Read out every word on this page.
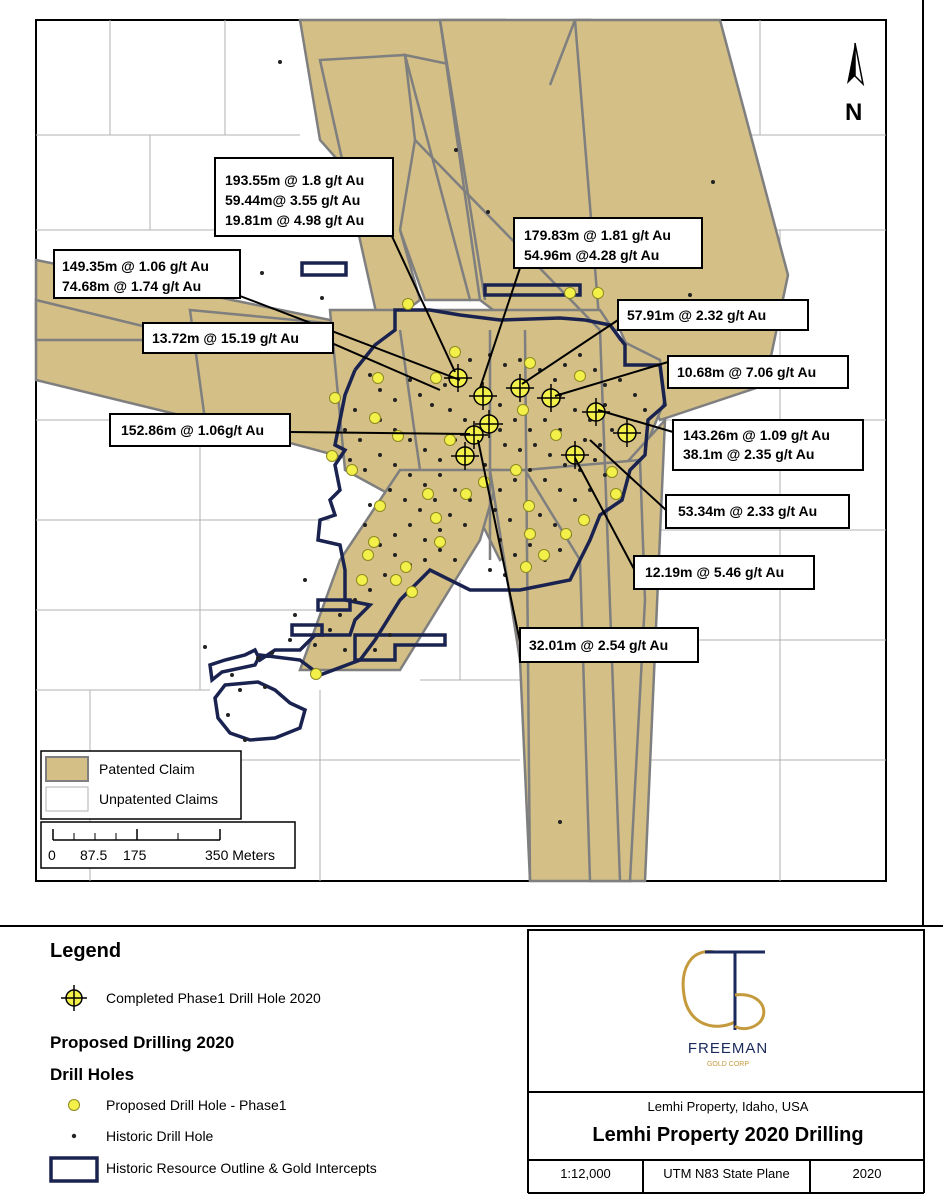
193.55m @ 1.8 g/t Au
59.44m@ 3.55 g/t Au
19.81m @ 4.98 g/t Au
179.83m @ 1.81 g/t Au
54.96m @4.28 g/t Au
149.35m @ 1.06 g/t Au
74.68m @ 1.74 g/t Au
13.72m @ 15.19 g/t Au
57.91m @ 2.32 g/t Au
10.68m @ 7.06 g/t Au
152.86m @ 1.06g/t Au	143.26m @ 1.09 g/t Au
38.1m @ 2.35 g/t Au
53.34m @ 2.33 g/t Au
12.19m @ 5.46 g/t Au
32.01m @ 2.54 g/t Au
N
Patented Claim
Unpatented Claims
0 87.5 175	350 Meters
Legend
Completed Phase1 Drill Hole 2020
Proposed Drilling 2020
Drill Holes
Proposed Drill Hole - Phase1
Historic Drill Hole
Historic Resource Outline & Gold Intercepts
FREEMAN
GOLD CORP
Lemhi Property, Idaho, USA
Lemhi Property 2020 Drilling
1:12,000	UTM N83 State Plane	2020
